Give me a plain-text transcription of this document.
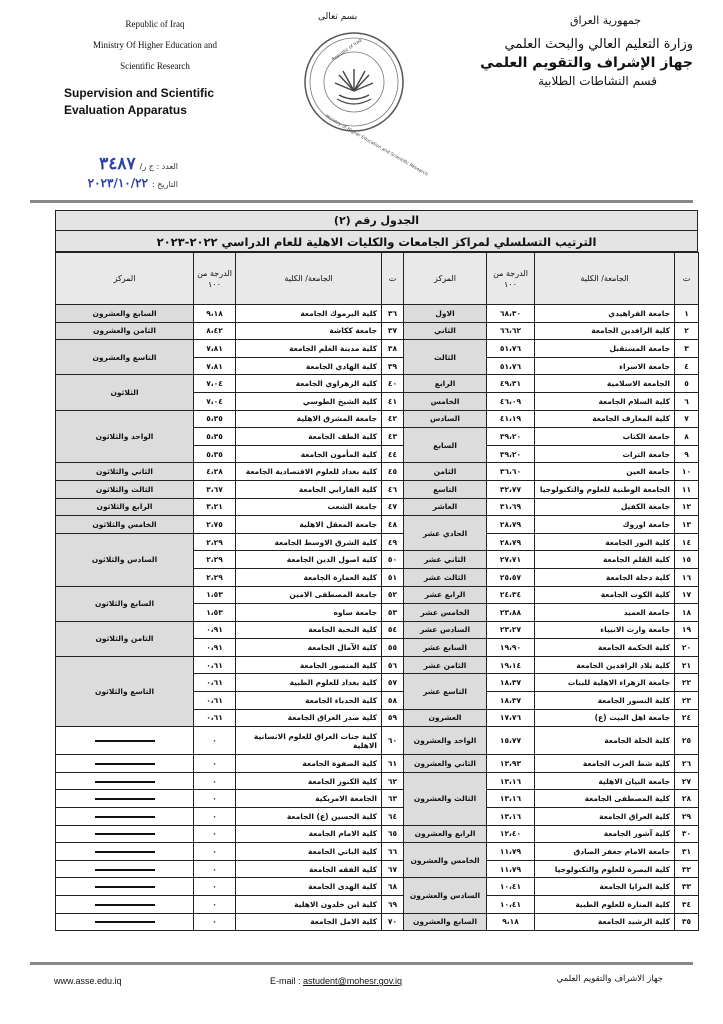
Republic of Iraq
Ministry Of Higher Education and
Scientific Research
Supervision and Scientific
Evaluation Apparatus
بسم تعالى
Republic of Iraq
Ministry of Higher Education and Scientific Research
جمهورية العراق
وزارة التعليم العالي والبحث العلمي
جهاز الإشراف والتقويم العلمي
قسم النشاطات الطلابية
العدد : ج ر/
٣٤٨٧
التاريخ :
٢٠٢٣/١٠/٢٢
الجدول رقم (٢)
الترتيب التسلسلي لمراكز الجامعات والكليات الاهلية للعام الدراسي ٢٠٢٢-٢٠٢٣
ت	الجامعة/ الكلية	الدرجة من ١٠٠	المركز	ت	الجامعة/ الكلية	الدرجة من ١٠٠	المركز
١	جامعة الفراهيدي	٦٨،٣٠	الاول	٣٦	كلية اليرموك الجامعة	٩،١٨	السابع والعشرون
٢	كلية الرافدين الجامعة	٦٦،٦٢	الثاني	٣٧	جامعة ككاشة	٨،٤٢	الثامن والعشرون
٣	جامعة المستقبل	٥١،٧٦	الثالث	٣٨	كلية مدينة العلم الجامعة	٧،٨١	التاسع والعشرون
٤	جامعة الاسراء	٥١،٧٦		٣٩	كلية الهادي الجامعة	٧،٨١	
٥	الجامعة الاسلامية	٤٩،٣١	الرابع	٤٠	كلية الزهراوي الجامعة	٧،٠٤	الثلاثون
٦	كلية السلام الجامعة	٤٦،٠٩	الخامس	٤١	كلية الشيخ الطوسي	٧،٠٤	
٧	كلية المعارف الجامعة	٤١،١٩	السادس	٤٢	جامعة المشرق الاهلية	٥،٣٥	الواحد والثلاثون
٨	جامعة الكتاب	٣٩،٢٠	السابع	٤٣	كلية الطف الجامعة	٥،٣٥	
٩	جامعة التراث	٣٩،٢٠		٤٤	كلية المأمون الجامعة	٥،٣٥	
١٠	جامعة العين	٣٦،٦٠	الثامن	٤٥	كلية بغداد للعلوم الاقتصادية الجامعة	٤،٢٨	الثاني والثلاثون
١١	الجامعة الوطنية للعلوم والتكنولوجيا	٣٢،٧٧	التاسع	٤٦	كلية الفارابي الجامعة	٣،٦٧	الثالث والثلاثون
١٢	جامعة الكفيل	٣١،٦٩	العاشر	٤٧	جامعة الشعب	٣،٢١	الرابع والثلاثون
١٣	جامعة اوروك	٢٨،٧٩	الحادي عشر	٤٨	جامعة المعقل الاهلية	٢،٧٥	الخامس والثلاثون
١٤	كلية النور الجامعة	٢٨،٧٩		٤٩	كلية الشرق الاوسط الجامعة	٢،٢٩	السادس والثلاثون
١٥	كلية القلم الجامعة	٢٧،٧١	الثاني عشر	٥٠	كلية اصول الدين الجامعة	٢،٢٩	
١٦	كلية دجلة الجامعة	٢٥،٥٧	الثالث عشر	٥١	كلية العمارة الجامعة	٢،٢٩	
١٧	كلية الكوت الجامعة	٢٤،٣٤	الرابع عشر	٥٢	جامعة المصطفى الامين	١،٥٣	السابع والثلاثون
١٨	جامعة العميد	٢٣،٨٨	الخامس عشر	٥٣	جامعة ساوه	١،٥٣	
١٩	جامعة وارث الانبياء	٢٣،٢٧	السادس عشر	٥٤	كلية النخبة الجامعة	٠،٩١	الثامن والثلاثون
٢٠	كلية الحكمة الجامعة	١٩،٩٠	السابع عشر	٥٥	كلية الآمال الجامعة	٠،٩١	
٢١	كلية بلاد الرافدين الجامعة	١٩،١٤	الثامن عشر	٥٦	كلية المنصور الجامعة	٠،٦١	التاسع والثلاثون
٢٢	جامعة الزهراء الاهلية للبنات	١٨،٣٧	التاسع عشر	٥٧	كلية بغداد للعلوم الطبية	٠،٦١	
٢٣	كلية النسور الجامعة	١٨،٣٧		٥٨	كلية الحدباء الجامعة	٠،٦١	
٢٤	جامعة اهل البيت (ع)	١٧،٧٦	العشرون	٥٩	كلية صدر العراق الجامعة	٠،٦١	
٢٥	كلية الحلة الجامعة	١٥،٧٧	الواحد والعشرون	٦٠	كلية جنات العراق للعلوم الانسانية الاهلية	٠	
٢٦	كلية شط العرب الجامعة	١٣،٩٣	الثاني والعشرون	٦١	كلية الصفوة الجامعة	٠	
٢٧	جامعة البيان الاهلية	١٣،١٦	الثالث والعشرون	٦٢	كلية الكنوز الجامعة	٠	
٢٨	كلية المصطفى الجامعة	١٣،١٦		٦٣	الجامعة الامريكية	٠	
٢٩	كلية العراق الجامعة	١٣،١٦		٦٤	كلية الحسين (ع) الجامعة	٠	
٣٠	كلية آشور الجامعة	١٢،٤٠	الرابع والعشرون	٦٥	كلية الامام الجامعة	٠	
٣١	جامعة الامام جعفر الصادق	١١،٧٩	الخامس والعشرون	٦٦	كلية الباني الجامعة	٠	
٣٢	كلية البصرة للعلوم والتكنولوجيا	١١،٧٩		٦٧	كلية الفقه الجامعة	٠	
٣٣	كلية المزايا الجامعة	١٠،٤١	السادس والعشرون	٦٨	كلية الهدى الجامعة	٠	
٣٤	كلية المنارة للعلوم الطبية	١٠،٤١		٦٩	كلية ابن خلدون الاهلية	٠	
٣٥	كلية الرشيد الجامعة	٩،١٨	السابع والعشرون	٧٠	كلية الامل الجامعة	٠	
www.asse.edu.iq	E-mail : astudent@mohesr.gov.iq	جهاز الاشراف والتقويم العلمي
